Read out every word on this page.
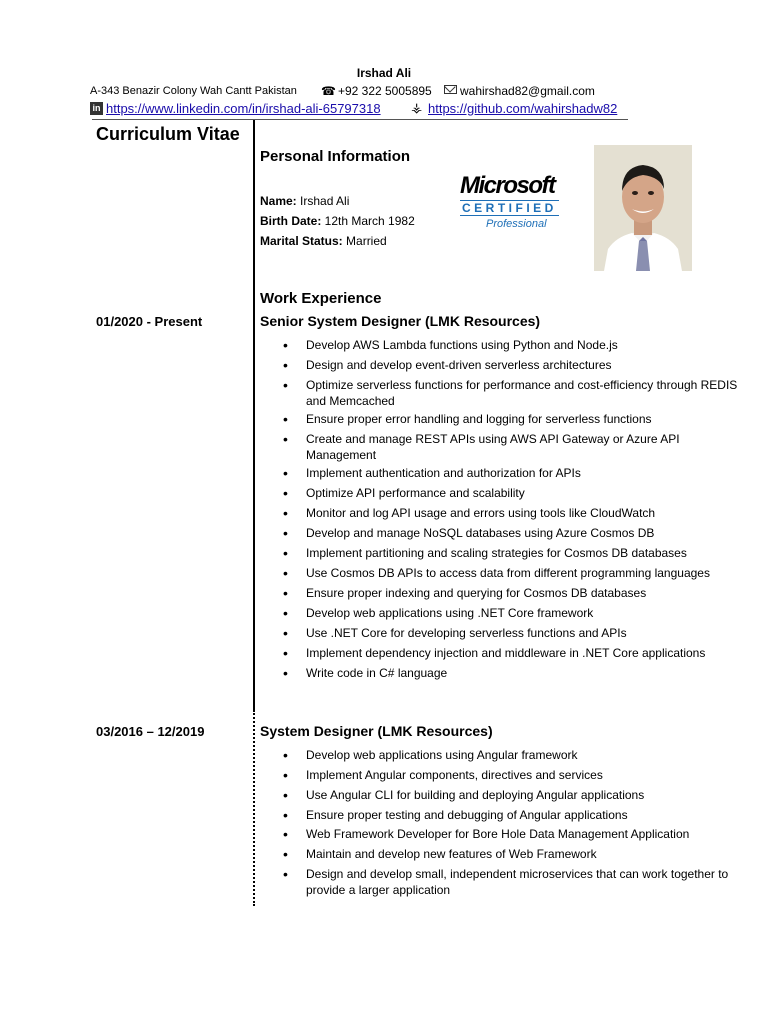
Irshad Ali
A-343 Benazir Colony Wah Cantt Pakistan ☎ +92 322 5005895	wahirshad82@gmail.com
in https://www.linkedin.com/in/irshad-ali-65797318 ⚶ https://github.com/wahirshadw82
Curriculum Vitae
Personal Information
Name: Irshad Ali
Birth Date: 12th March 1982
Marital Status: Married
Microsoft
CERTIFIED
Professional
Work Experience
01/2020 - Present	Senior System Designer (LMK Resources)
• Develop AWS Lambda functions using Python and Node.js
• Design and develop event-driven serverless architectures
• Optimize serverless functions for performance and cost-efficiency through REDIS and Memcached
• Ensure proper error handling and logging for serverless functions
• Create and manage REST APIs using AWS API Gateway or Azure API Management
• Implement authentication and authorization for APIs
• Optimize API performance and scalability
• Monitor and log API usage and errors using tools like CloudWatch
• Develop and manage NoSQL databases using Azure Cosmos DB
• Implement partitioning and scaling strategies for Cosmos DB databases
• Use Cosmos DB APIs to access data from different programming languages
• Ensure proper indexing and querying for Cosmos DB databases
• Develop web applications using .NET Core framework
• Use .NET Core for developing serverless functions and APIs
• Implement dependency injection and middleware in .NET Core applications
• Write code in C# language
03/2016 – 12/2019	System Designer (LMK Resources)
• Develop web applications using Angular framework
• Implement Angular components, directives and services
• Use Angular CLI for building and deploying Angular applications
• Ensure proper testing and debugging of Angular applications
• Web Framework Developer for Bore Hole Data Management Application
• Maintain and develop new features of Web Framework
• Design and develop small, independent microservices that can work together to provide a larger application
